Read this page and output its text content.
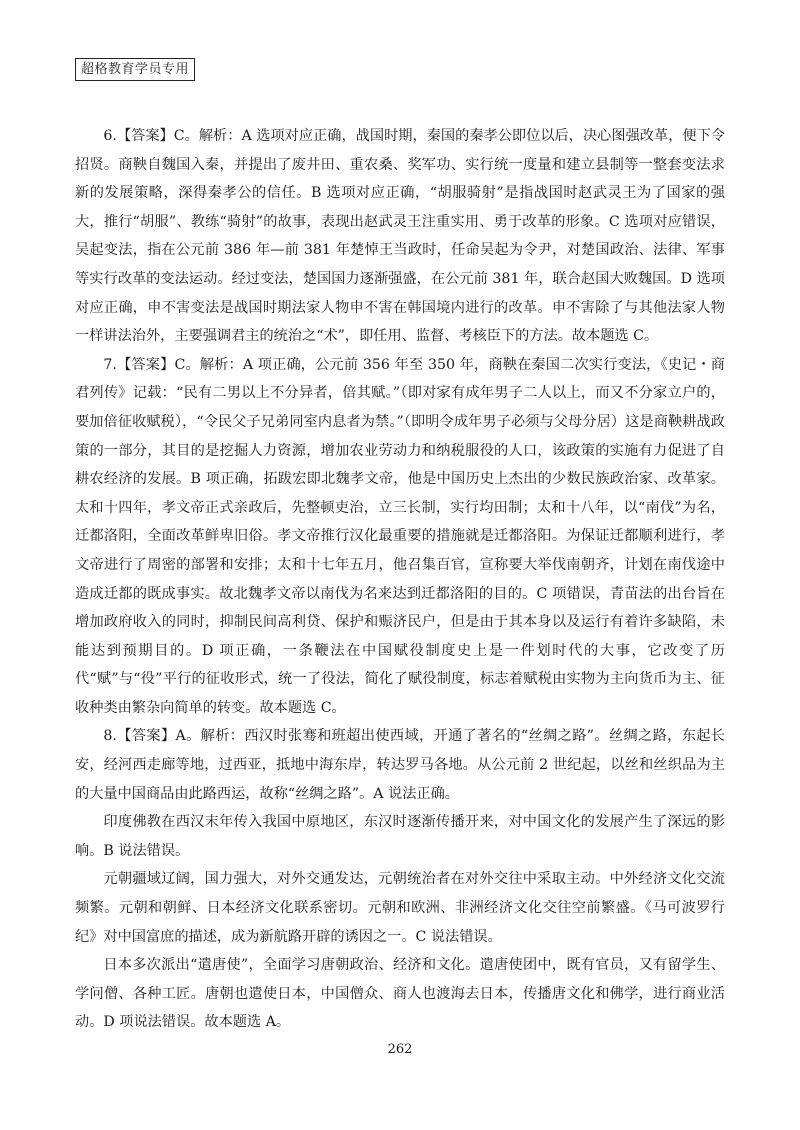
超格教育学员专用

6.【答案】C。解析：A 选项对应正确，战国时期，秦国的秦孝公即位以后，决心图强改革，便下令招贤。商鞅自魏国入秦，并提出了废井田、重农桑、奖军功、实行统一度量和建立县制等一整套变法求新的发展策略，深得秦孝公的信任。B 选项对应正确，“胡服骑射”是指战国时赵武灵王为了国家的强大，推行“胡服”、教练“骑射”的故事，表现出赵武灵王注重实用、勇于改革的形象。C 选项对应错误，吴起变法，指在公元前 386 年—前 381 年楚悼王当政时，任命吴起为令尹，对楚国政治、法律、军事等实行改革的变法运动。经过变法，楚国国力逐渐强盛，在公元前 381 年，联合赵国大败魏国。D 选项对应正确，申不害变法是战国时期法家人物申不害在韩国境内进行的改革。申不害除了与其他法家人物一样讲法治外，主要强调君主的统治之“术”，即任用、监督、考核臣下的方法。故本题选 C。

7.【答案】C。解析：A 项正确，公元前 356 年至 350 年，商鞅在秦国二次实行变法，《史记・商君列传》记载：“民有二男以上不分异者，倍其赋。”（即对家有成年男子二人以上，而又不分家立户的，要加倍征收赋税），“令民父子兄弟同室内息者为禁。”（即明令成年男子必须与父母分居）这是商鞅耕战政策的一部分，其目的是挖掘人力资源，增加农业劳动力和纳税服役的人口，该政策的实施有力促进了自耕农经济的发展。B 项正确，拓跋宏即北魏孝文帝，他是中国历史上杰出的少数民族政治家、改革家。太和十四年，孝文帝正式亲政后，先整顿吏治，立三长制，实行均田制；太和十八年，以“南伐”为名，迁都洛阳，全面改革鲜卑旧俗。孝文帝推行汉化最重要的措施就是迁都洛阳。为保证迁都顺利进行，孝文帝进行了周密的部署和安排；太和十七年五月，他召集百官，宣称要大举伐南朝齐，计划在南伐途中造成迁都的既成事实。故北魏孝文帝以南伐为名来达到迁都洛阳的目的。C 项错误，青苗法的出台旨在增加政府收入的同时，抑制民间高利贷、保护和赈济民户，但是由于其本身以及运行有着许多缺陷，未能达到预期目的。D 项正确，一条鞭法在中国赋役制度史上是一件划时代的大事，它改变了历代“赋”与“役”平行的征收形式，统一了役法，简化了赋役制度，标志着赋税由实物为主向货币为主、征收种类由繁杂向简单的转变。故本题选 C。

8.【答案】A。解析：西汉时张骞和班超出使西域，开通了著名的“丝绸之路”。丝绸之路，东起长安，经河西走廊等地，过西亚，抵地中海东岸，转达罗马各地。从公元前 2 世纪起，以丝和丝织品为主的大量中国商品由此路西运，故称“丝绸之路”。A 说法正确。

印度佛教在西汉末年传入我国中原地区，东汉时逐渐传播开来，对中国文化的发展产生了深远的影响。B 说法错误。

元朝疆域辽阔，国力强大，对外交通发达，元朝统治者在对外交往中采取主动。中外经济文化交流频繁。元朝和朝鲜、日本经济文化联系密切。元朝和欧洲、非洲经济文化交往空前繁盛。《马可波罗行纪》对中国富庶的描述，成为新航路开辟的诱因之一。C 说法错误。

日本多次派出“遣唐使”，全面学习唐朝政治、经济和文化。遣唐使团中，既有官员，又有留学生、学问僧、各种工匠。唐朝也遣使日本，中国僧众、商人也渡海去日本，传播唐文化和佛学，进行商业活动。D 项说法错误。故本题选 A。

262
